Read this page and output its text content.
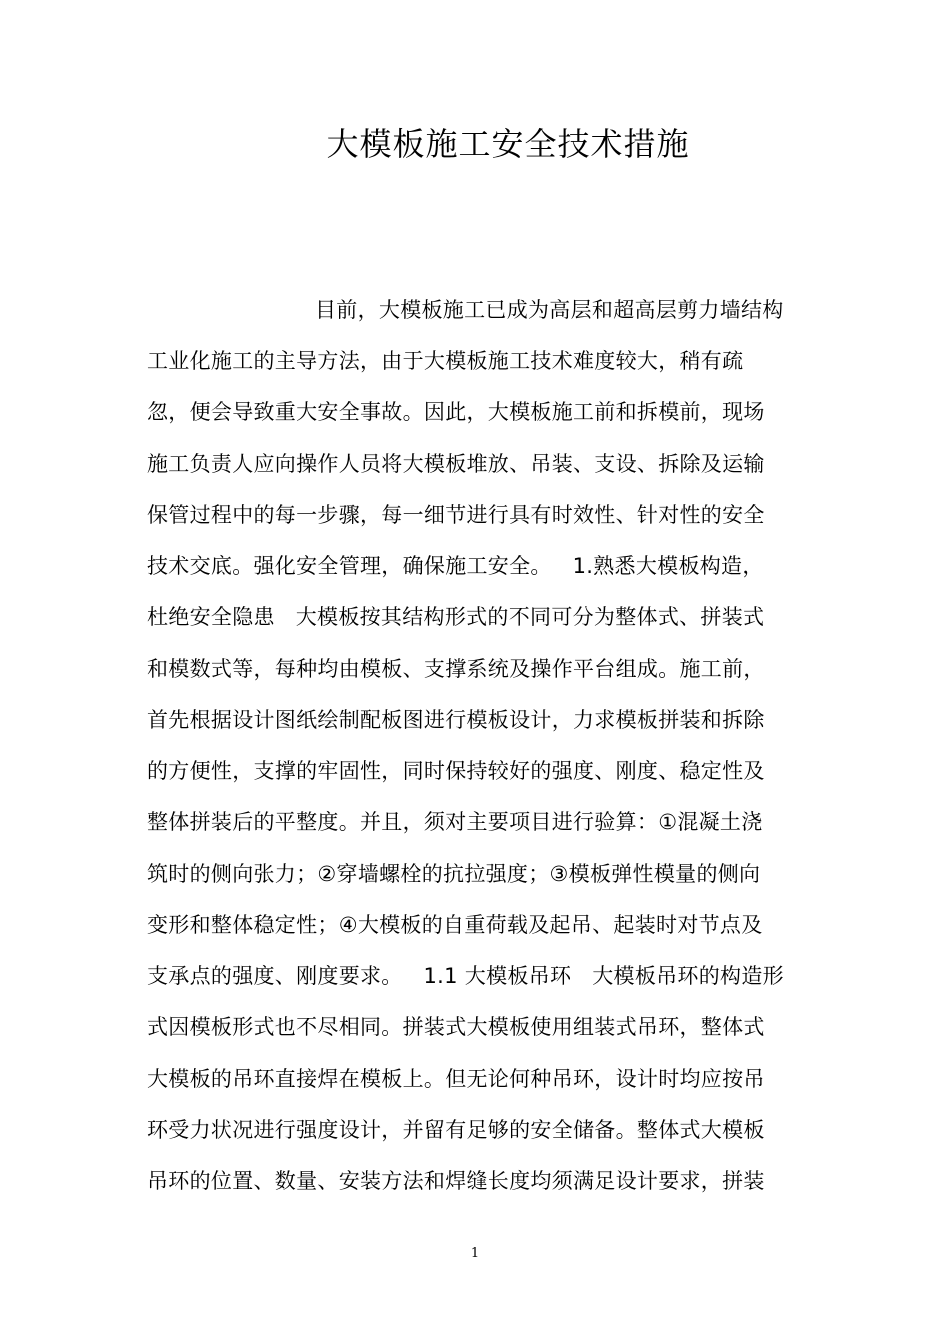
大模板施工安全技术措施
目前，大模板施工已成为高层和超高层剪力墙结构
工业化施工的主导方法，由于大模板施工技术难度较大，稍有疏
忽，便会导致重大安全事故。因此，大模板施工前和拆模前，现场
施工负责人应向操作人员将大模板堆放、吊装、支设、拆除及运输
保管过程中的每一步骤，每一细节进行具有时效性、针对性的安全
技术交底。强化安全管理，确保施工安全。   1.熟悉大模板构造，
杜绝安全隐患   大模板按其结构形式的不同可分为整体式、拼装式
和模数式等，每种均由模板、支撑系统及操作平台组成。施工前，
首先根据设计图纸绘制配板图进行模板设计，力求模板拼装和拆除
的方便性，支撑的牢固性，同时保持较好的强度、刚度、稳定性及
整体拼装后的平整度。并且，须对主要项目进行验算：①混凝土浇
筑时的侧向张力；②穿墙螺栓的抗拉强度；③模板弹性模量的侧向
变形和整体稳定性；④大模板的自重荷载及起吊、起装时对节点及
支承点的强度、刚度要求。   1.1 大模板吊环   大模板吊环的构造形
式因模板形式也不尽相同。拼装式大模板使用组装式吊环，整体式
大模板的吊环直接焊在模板上。但无论何种吊环，设计时均应按吊
环受力状况进行强度设计，并留有足够的安全储备。整体式大模板
吊环的位置、数量、安装方法和焊缝长度均须满足设计要求，拼装
1
